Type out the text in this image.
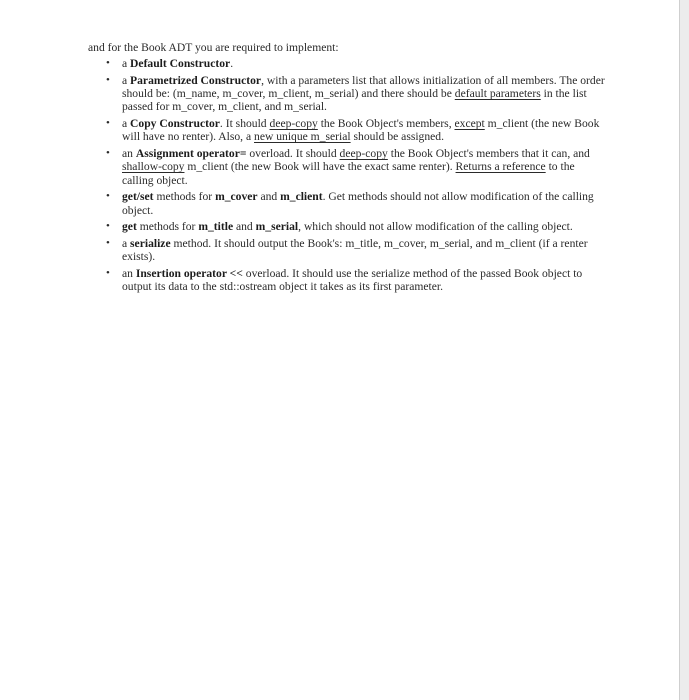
and for the Book ADT you are required to implement:

• a Default Constructor.
• a Parametrized Constructor, with a parameters list that allows initialization of all members. The order should be: (m_name, m_cover, m_client, m_serial) and there should be default parameters in the list passed for m_cover, m_client, and m_serial.
• a Copy Constructor. It should deep-copy the Book Object's members, except m_client (the new Book will have no renter). Also, a new unique m_serial should be assigned.
• an Assignment operator= overload. It should deep-copy the Book Object's members that it can, and shallow-copy m_client (the new Book will have the exact same renter). Returns a reference to the calling object.
• get/set methods for m_cover and m_client. Get methods should not allow modification of the calling object.
• get methods for m_title and m_serial, which should not allow modification of the calling object.
• a serialize method. It should output the Book's: m_title, m_cover, m_serial, and m_client (if a renter exists).
• an Insertion operator << overload. It should use the serialize method of the passed Book object to output its data to the std::ostream object it takes as its first parameter.
